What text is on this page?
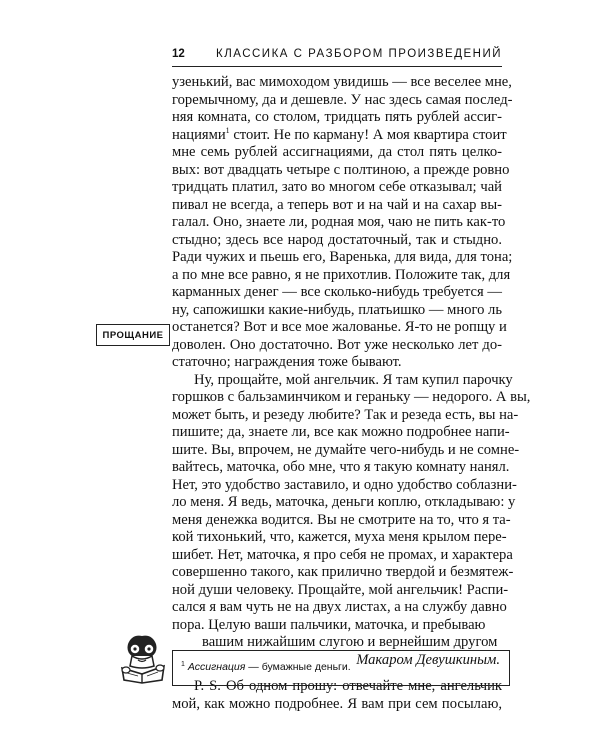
12	КЛАССИКА С РАЗБОРОМ ПРОИЗВЕДЕНИЙ
ПРОЩАНИЕ
узенький, вас мимоходом увидишь — все веселее мне,
горемычному, да и дешевле. У нас здесь самая послед-
няя комната, со столом, тридцать пять рублей ассиг-
нациями$^1$ стоит. Не по карману! А моя квартира стоит
мне семь рублей ассигнациями, да стол пять целко-
вых: вот двадцать четыре с полтиною, а прежде ровно
тридцать платил, зато во многом себе отказывал; чай
пивал не всегда, а теперь вот и на чай и на сахар вы-
галал. Оно, знаете ли, родная моя, чаю не пить как-то
стыдно; здесь все народ достаточный, так и стыдно.
Ради чужих и пьешь его, Варенька, для вида, для тона;
а по мне все равно, я не прихотлив. Положите так, для
карманных денег — все сколько-нибудь требуется —
ну, сапожишки какие-нибудь, платьишко — много ль
останется? Вот и все мое жалованье. Я-то не ропщу и
доволен. Оно достаточно. Вот уже несколько лет до-
статочно; награждения тоже бывают.
Ну, прощайте, мой ангельчик. Я там купил парочку
горшков с бальзаминчиком и гераньку — недорого. А вы,
может быть, и резеду любите? Так и резеда есть, вы на-
пишите; да, знаете ли, все как можно подробнее напи-
шите. Вы, впрочем, не думайте чего-нибудь и не сомне-
вайтесь, маточка, обо мне, что я такую комнату нанял.
Нет, это удобство заставило, и одно удобство соблазни-
ло меня. Я ведь, маточка, деньги коплю, откладываю: у
меня денежка водится. Вы не смотрите на то, что я та-
кой тихонький, что, кажется, муха меня крылом пере-
шибет. Нет, маточка, я про себя не промах, и характера
совершенно такого, как прилично твердой и безмятеж-
ной души человеку. Прощайте, мой ангельчик! Распи-
сался я вам чуть не на двух листах, а на службу давно
пора. Целую ваши пальчики, маточка, и пребываю
вашим нижайшим слугою и вернейшим другом
Макаром Девушкиным.
P. S. Об одном прошу: отвечайте мне, ангельчик
мой, как можно подробнее. Я вам при сем посылаю,
$^1$ Ассигнация — бумажные деньги.
